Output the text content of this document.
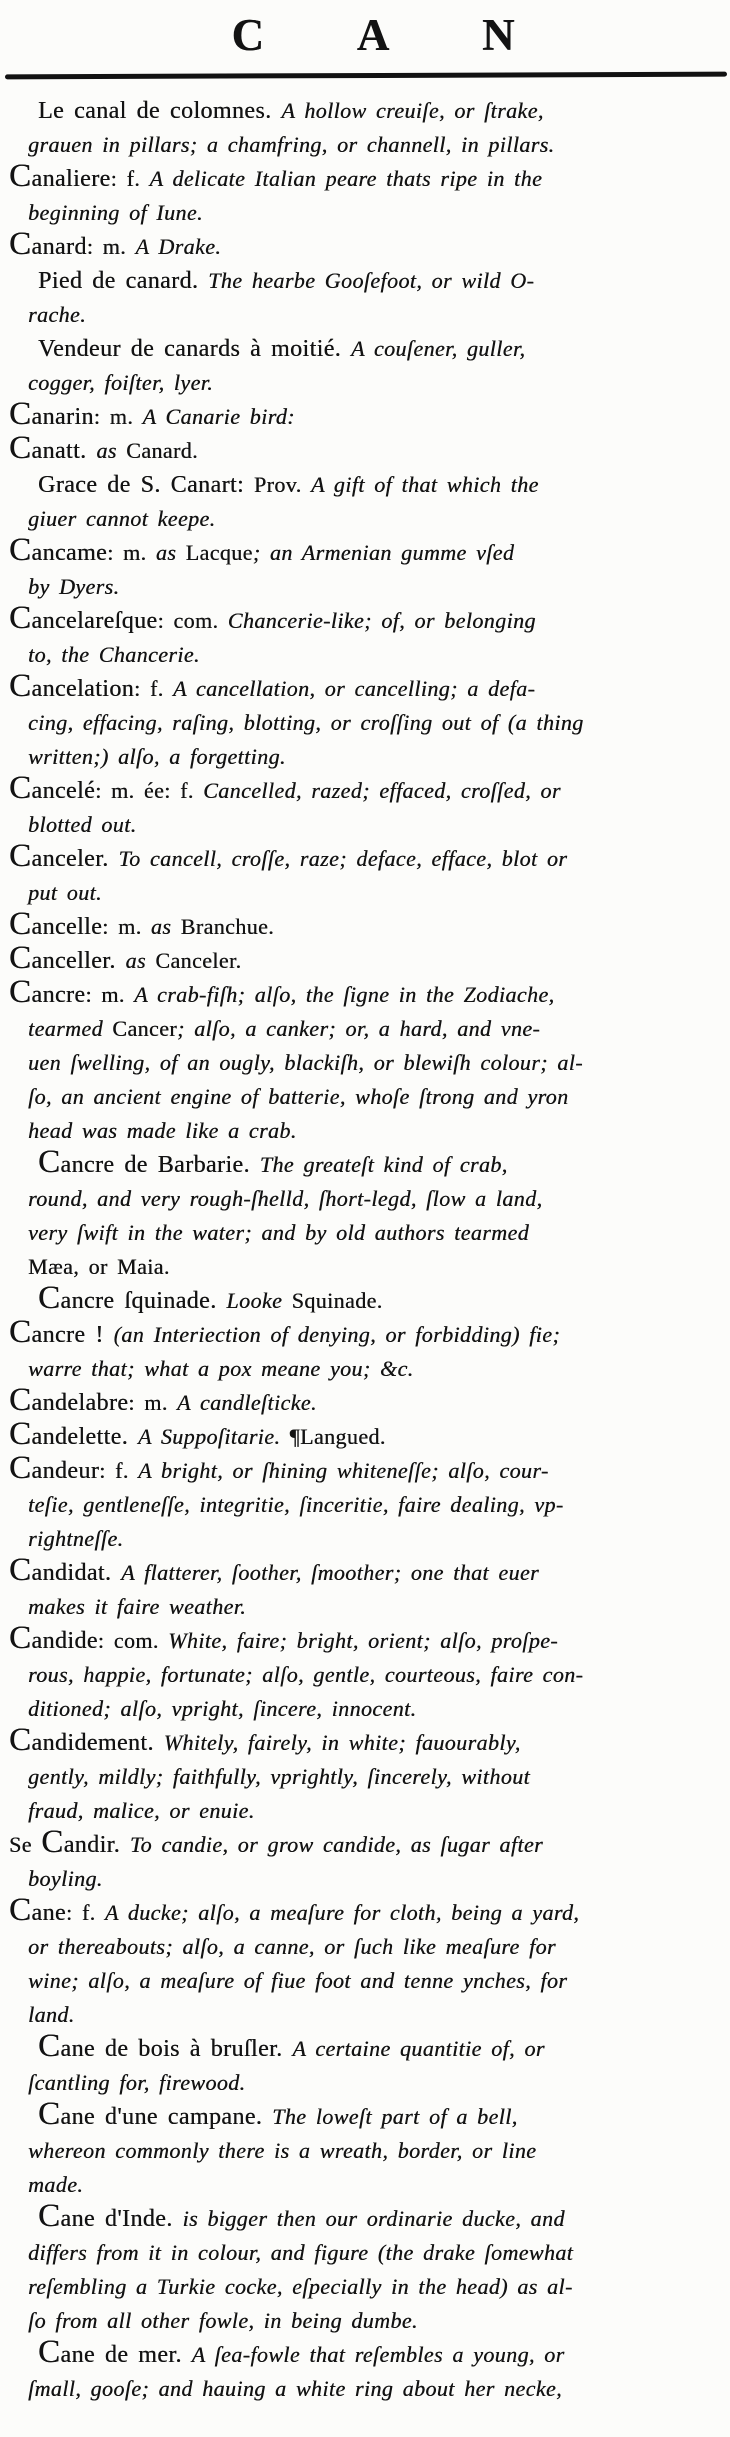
C A N

Le canal de colomnes. A hollow creuiſe, or ſtrake,
grauen in pillars; a chamfring, or channell, in pillars.

Canaliere: f. A delicate Italian peare thats ripe in the
beginning of Iune.

Canard: m. A Drake.

Pied de canard. The hearbe Gooſefoot, or wild O-
rache.

Vendeur de canards à moitié. A couſener, guller,
cogger, foiſter, lyer.

Canarin: m. A Canarie bird:

Canatt. as Canard.

Grace de S. Canart: Prov. A gift of that which the
giuer cannot keepe.

Cancame: m. as Lacque; an Armenian gumme vſed
by Dyers.

Cancelareſque: com. Chancerie-like; of, or belonging
to, the Chancerie.

Cancelation: f. A cancellation, or cancelling; a defa-
cing, effacing, raſing, blotting, or croſſing out of (a thing
written;) alſo, a forgetting.

Cancelé: m. ée: f. Cancelled, razed; effaced, croſſed, or
blotted out.

Canceler. To cancell, croſſe, raze; deface, efface, blot or
put out.

Cancelle: m. as Branchue.

Canceller. as Canceler.

Cancre: m. A crab-fiſh; alſo, the ſigne in the Zodiache,
tearmed Cancer; alſo, a canker; or, a hard, and vne-
uen ſwelling, of an ougly, blackiſh, or blewiſh colour; al-
ſo, an ancient engine of batterie, whoſe ſtrong and yron
head was made like a crab.

Cancre de Barbarie. The greateſt kind of crab,
round, and very rough-ſhelld, ſhort-legd, ſlow a land,
very ſwift in the water; and by old authors tearmed
Mæa, or Maia.

Cancre ſquinade. Looke Squinade.

Cancre ! (an Interiection of denying, or forbidding) fie;
warre that; what a pox meane you; &c.

Candelabre: m. A candleſticke.

Candelette. A Suppoſitarie. ¶Langued.

Candeur: f. A bright, or ſhining whiteneſſe; alſo, cour-
teſie, gentleneſſe, integritie, ſinceritie, faire dealing, vp-
rightneſſe.

Candidat. A flatterer, ſoother, ſmoother; one that euer
makes it faire weather.

Candide: com. White, faire; bright, orient; alſo, proſpe-
rous, happie, fortunate; alſo, gentle, courteous, faire con-
ditioned; alſo, vpright, ſincere, innocent.

Candidement. Whitely, fairely, in white; fauourably,
gently, mildly; faithfully, vprightly, ſincerely, without
fraud, malice, or enuie.

Se Candir. To candie, or grow candide, as ſugar after
boyling.

Cane: f. A ducke; alſo, a meaſure for cloth, being a yard,
or thereabouts; alſo, a canne, or ſuch like meaſure for
wine; alſo, a meaſure of fiue foot and tenne ynches, for
land.

Cane de bois à bruſler. A certaine quantitie of, or
ſcantling for, firewood.

Cane d'une campane. The loweſt part of a bell,
whereon commonly there is a wreath, border, or line
made.

Cane d'Inde. is bigger then our ordinarie ducke, and
differs from it in colour, and figure (the drake ſomewhat
reſembling a Turkie cocke, eſpecially in the head) as al-
ſo from all other fowle, in being dumbe.

Cane de mer. A ſea-fowle that reſembles a young, or
ſmall, gooſe; and hauing a white ring about her necke,
